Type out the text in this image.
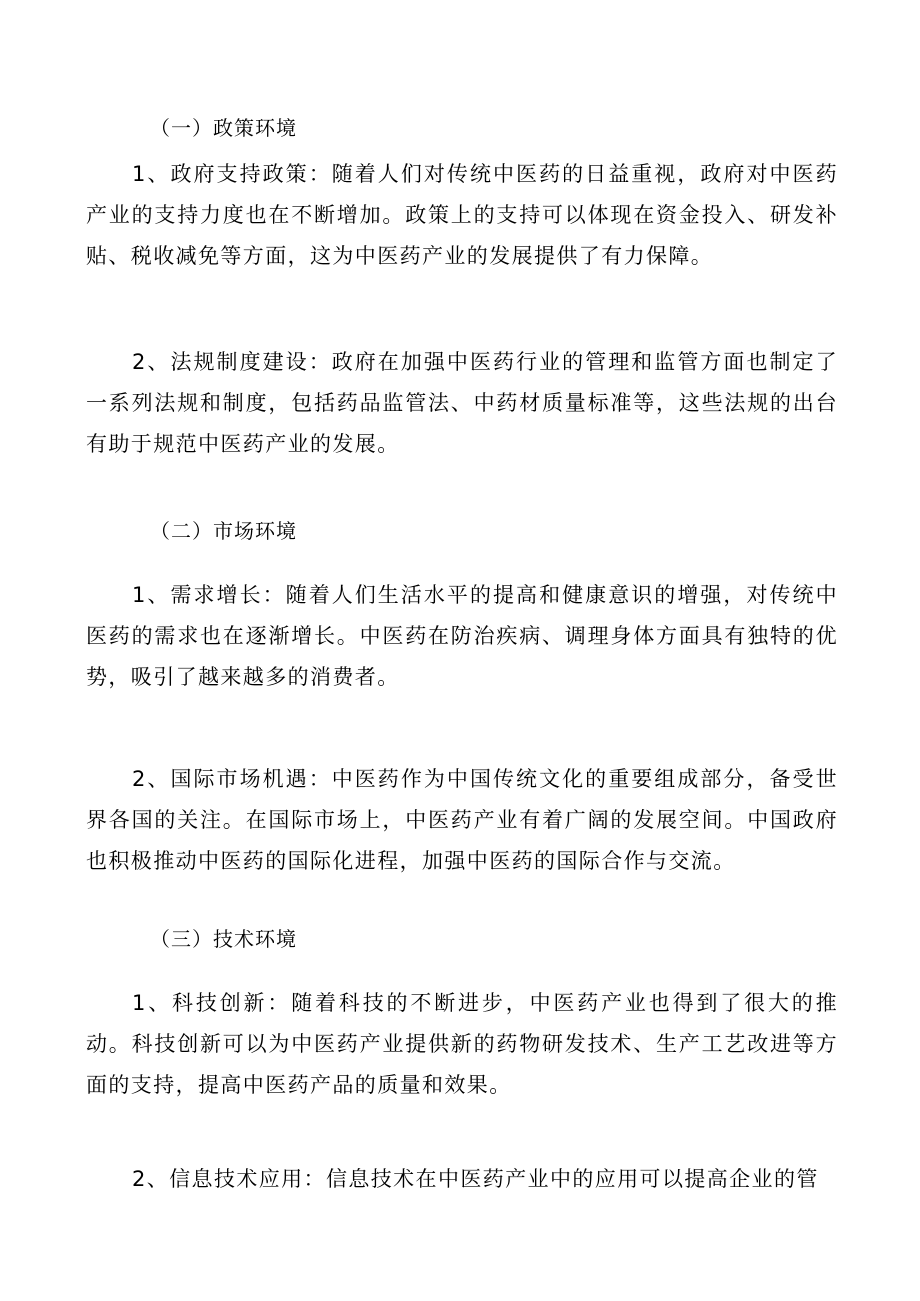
（一）政策环境

1、政府支持政策：随着人们对传统中医药的日益重视，政府对中医药产业的支持力度也在不断增加。政策上的支持可以体现在资金投入、研发补贴、税收减免等方面，这为中医药产业的发展提供了有力保障。

2、法规制度建设：政府在加强中医药行业的管理和监管方面也制定了一系列法规和制度，包括药品监管法、中药材质量标准等，这些法规的出台有助于规范中医药产业的发展。

（二）市场环境

1、需求增长：随着人们生活水平的提高和健康意识的增强，对传统中医药的需求也在逐渐增长。中医药在防治疾病、调理身体方面具有独特的优势，吸引了越来越多的消费者。

2、国际市场机遇：中医药作为中国传统文化的重要组成部分，备受世界各国的关注。在国际市场上，中医药产业有着广阔的发展空间。中国政府也积极推动中医药的国际化进程，加强中医药的国际合作与交流。

（三）技术环境

1、科技创新：随着科技的不断进步，中医药产业也得到了很大的推动。科技创新可以为中医药产业提供新的药物研发技术、生产工艺改进等方面的支持，提高中医药产品的质量和效果。

2、信息技术应用：信息技术在中医药产业中的应用可以提高企业的管
